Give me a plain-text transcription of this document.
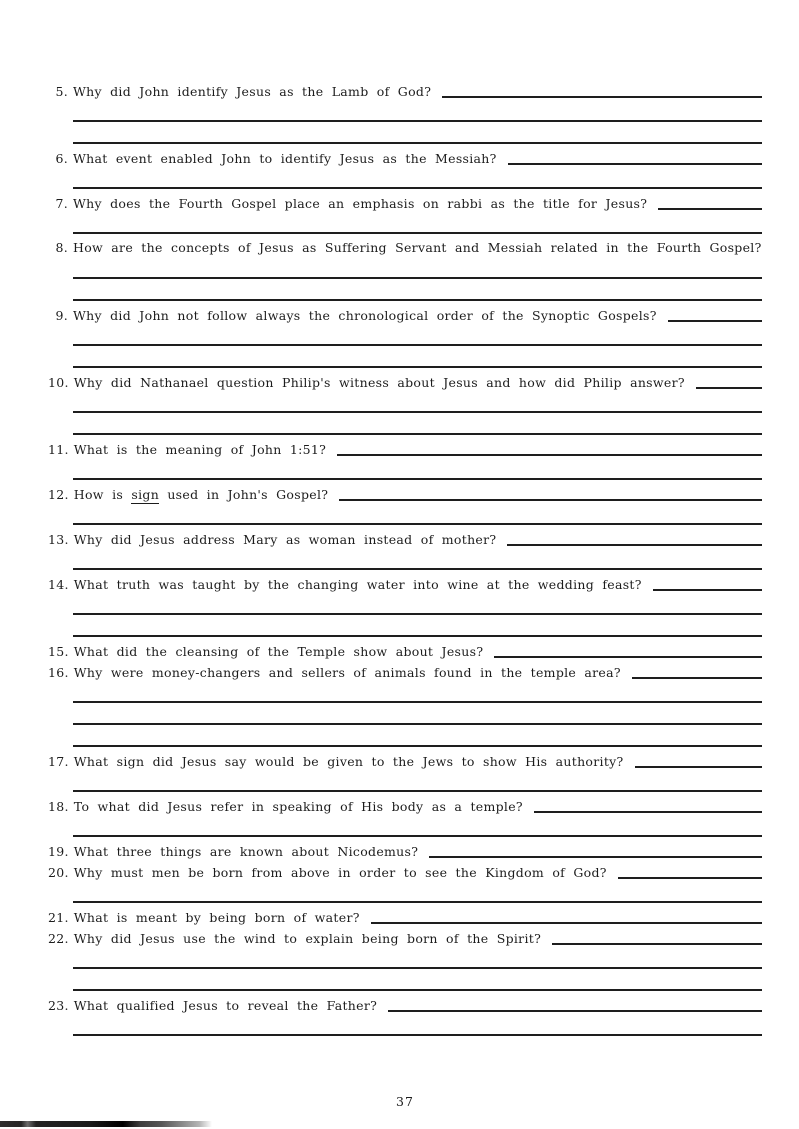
5. Why did John identify Jesus as the Lamb of God?
6. What event enabled John to identify Jesus as the Messiah?
7. Why does the Fourth Gospel place an emphasis on rabbi as the title for Jesus?
8. How are the concepts of Jesus as Suffering Servant and Messiah related in the Fourth Gospel?
9. Why did John not follow always the chronological order of the Synoptic Gospels?
10. Why did Nathanael question Philip's witness about Jesus and how did Philip answer?
11. What is the meaning of John 1:51?
12. How is sign used in John's Gospel?
13. Why did Jesus address Mary as woman instead of mother?
14. What truth was taught by the changing water into wine at the wedding feast?
15. What did the cleansing of the Temple show about Jesus?
16. Why were money-changers and sellers of animals found in the temple area?
17. What sign did Jesus say would be given to the Jews to show His authority?
18. To what did Jesus refer in speaking of His body as a temple?
19. What three things are known about Nicodemus?
20. Why must men be born from above in order to see the Kingdom of God?
21. What is meant by being born of water?
22. Why did Jesus use the wind to explain being born of the Spirit?
23. What qualified Jesus to reveal the Father?
37
